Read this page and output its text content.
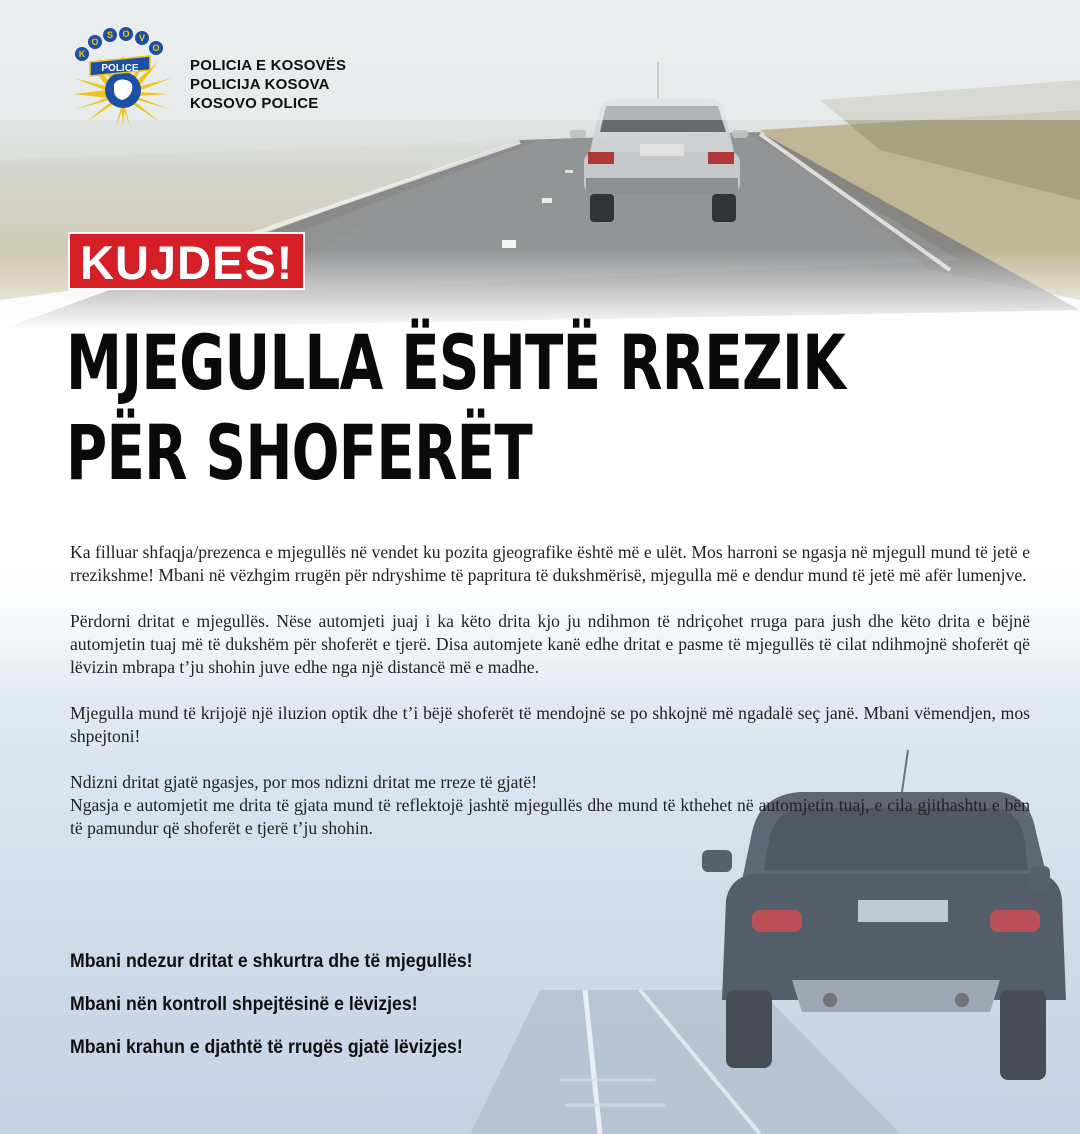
K
O
S O V
O
POLICE	POLICIA E KOSOVËS
POLICIJA KOSOVA
KOSOVO POLICE
KUJDES!
MJEGULLA ËSHTË RREZIK
PËR SHOFERËT

Ka filluar shfaqja/prezenca e mjegullës në vendet ku pozita gjeografike është më e ulët. Mos harroni se ngasja në mjegull mund të jetë e rrezikshme! Mbani në vëzhgim rrugën për ndryshime të papritura të dukshmërisë, mjegulla më e dendur mund të jetë më afër lumenjve.

Përdorni dritat e mjegullës. Nëse automjeti juaj i ka këto drita kjo ju ndihmon të ndriçohet rruga para jush dhe këto drita e bëjnë automjetin tuaj më të dukshëm për shoferët e tjerë. Disa automjete kanë edhe dritat e pasme të mjegullës të cilat ndihmojnë shoferët që lëvizin mbrapa t’ju shohin juve edhe nga një distancë më e madhe.

Mjegulla mund të krijojë një iluzion optik dhe t’i bëjë shoferët të mendojnë se po shkojnë më ngadalë seç janë. Mbani vëmendjen, mos shpejtoni!

Ndizni dritat gjatë ngasjes, por mos ndizni dritat me rreze të gjatë!
Ngasja e automjetit me drita të gjata mund të reflektojë jashtë mjegullës dhe mund të kthehet në automjetin tuaj, e cila gjithashtu e bën të pamundur që shoferët e tjerë t’ju shohin.
Mbani ndezur dritat e shkurtra dhe të mjegullës!
Mbani nën kontroll shpejtësinë e lëvizjes!
Mbani krahun e djathtë të rrugës gjatë lëvizjes!
